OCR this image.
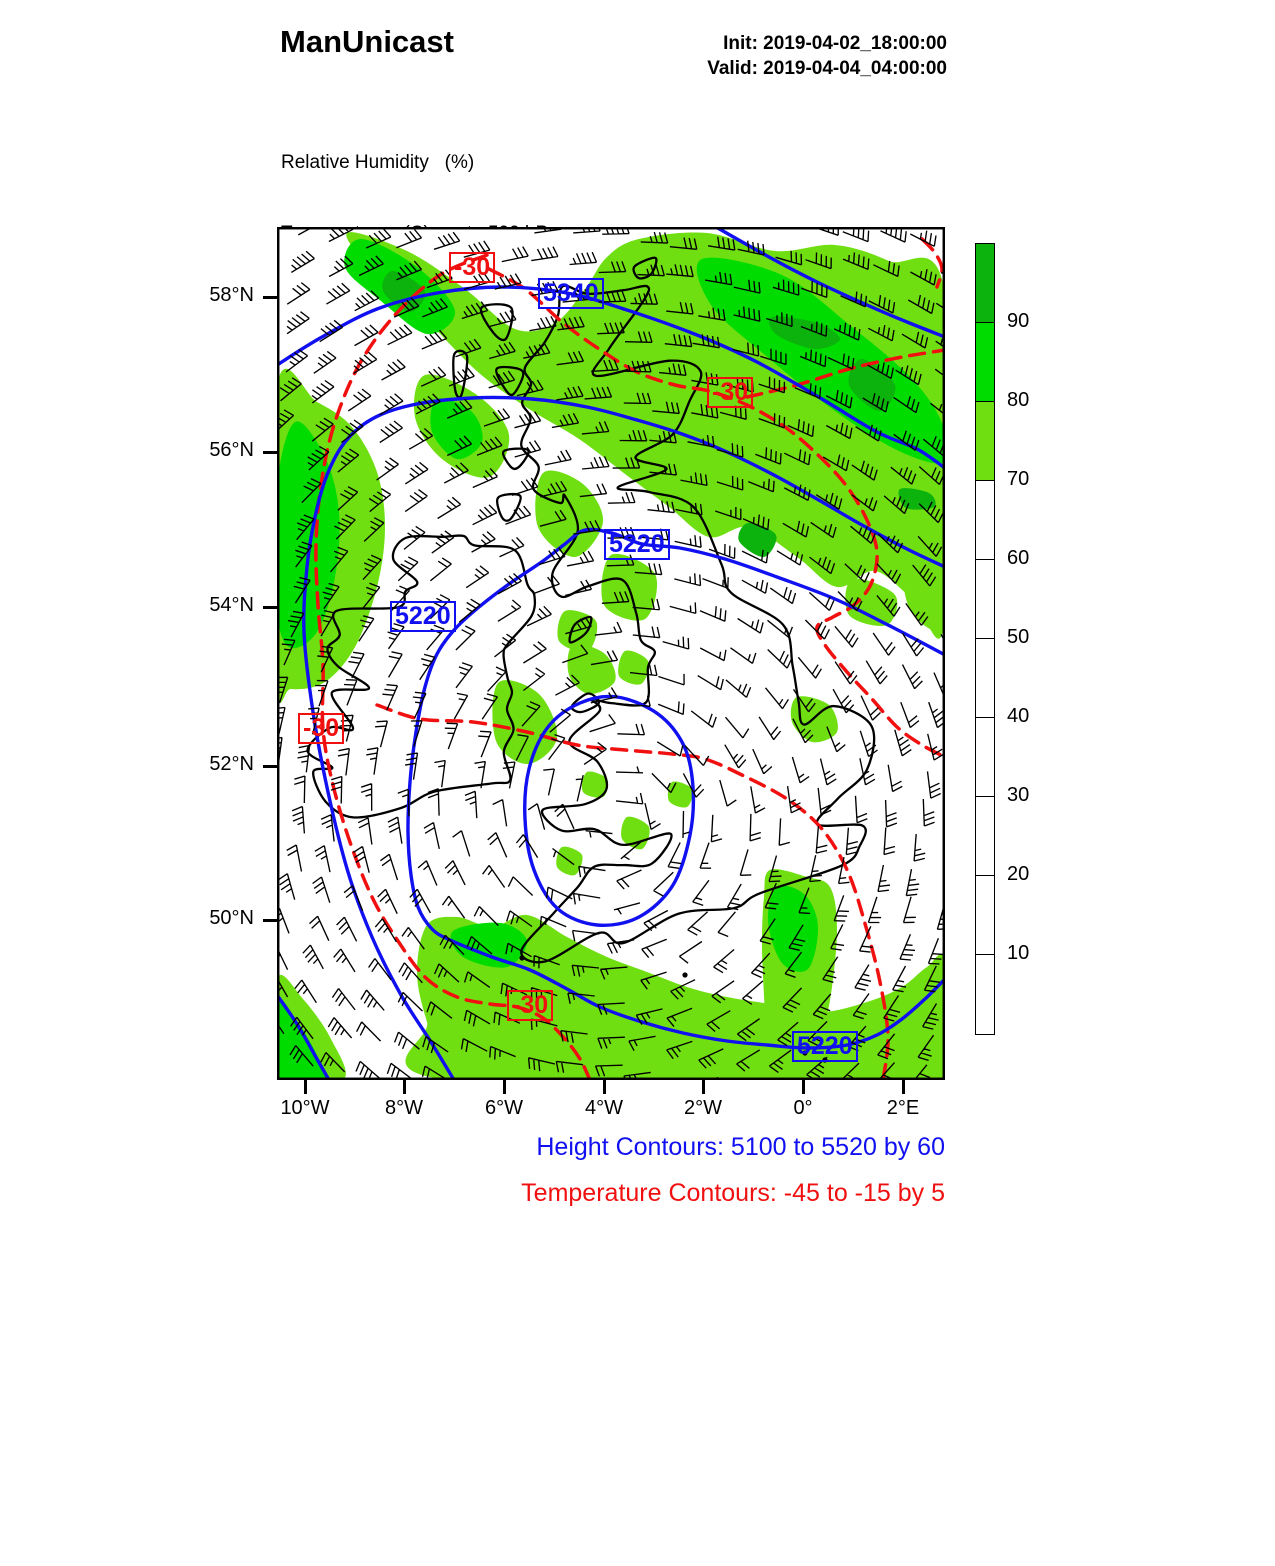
ManUnicast	Init: 2019-04-02_18:00:00
Valid: 2019-04-04_04:00:00

Relative Humidity   (%)

Height Contours: 5100 to 5520 by 60
Temperature Contours: -45 to -15 by 5
58°N
56°N
54°N
52°N
50°N
10°W	8°W	6°W	4°W	2°W	0°	2°E
90
80
70
60
50
40
30
20
10
5340
5220
5220
5220
-30
-30
-30
-30
